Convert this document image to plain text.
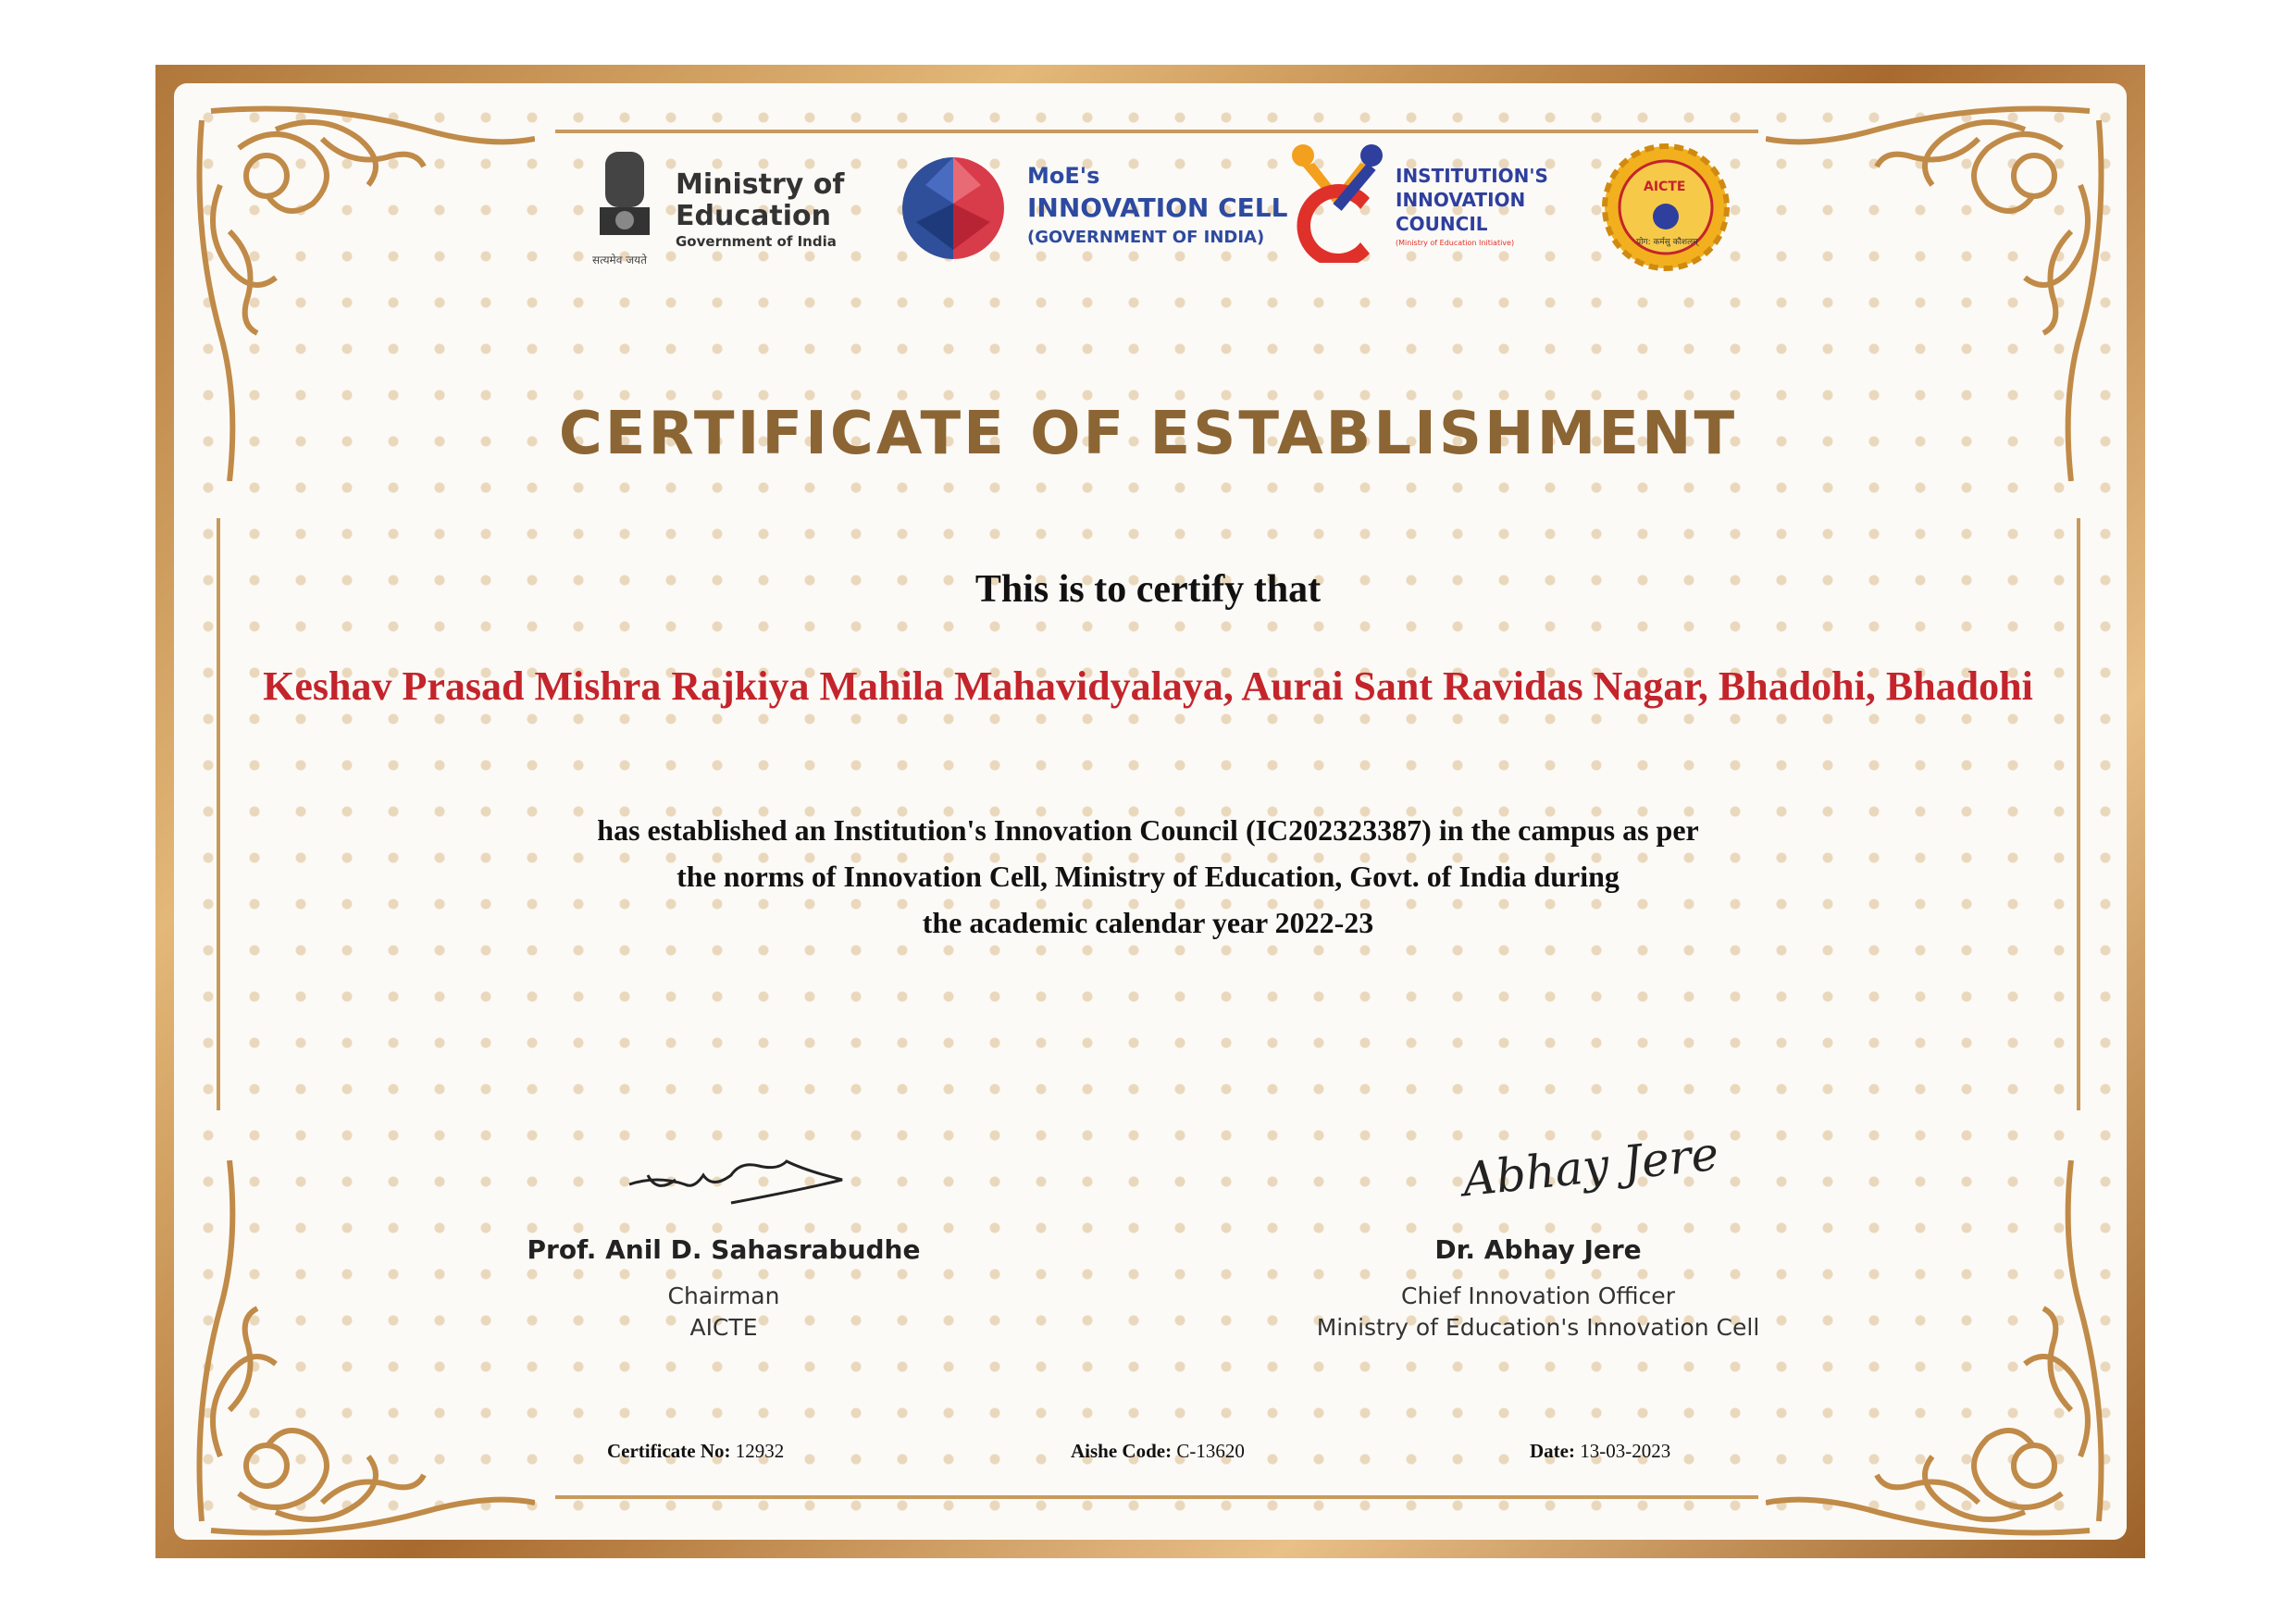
सत्यमेव जयते
Ministry of
Education
Government of India
MoE's
INNOVATION CELL
(GOVERNMENT OF INDIA)
INSTITUTION'S
INNOVATION
COUNCIL
(Ministry of Education Initiative)
AICTE
योग: कर्मसु कौशलम्
CERTIFICATE OF ESTABLISHMENT
This is to certify that
Keshav Prasad Mishra Rajkiya Mahila Mahavidyalaya, Aurai Sant Ravidas Nagar, Bhadohi, Bhadohi
has established an Institution's Innovation Council (IC202323387) in the campus as per
the norms of Innovation Cell, Ministry of Education, Govt. of India during
the academic calendar year 2022-23
Prof. Anil D. Sahasrabudhe
Chairman
AICTE
Abhay Jere
Dr. Abhay Jere
Chief Innovation Officer
Ministry of Education's Innovation Cell
Certificate No: 12932	Aishe Code: C-13620	Date: 13-03-2023
